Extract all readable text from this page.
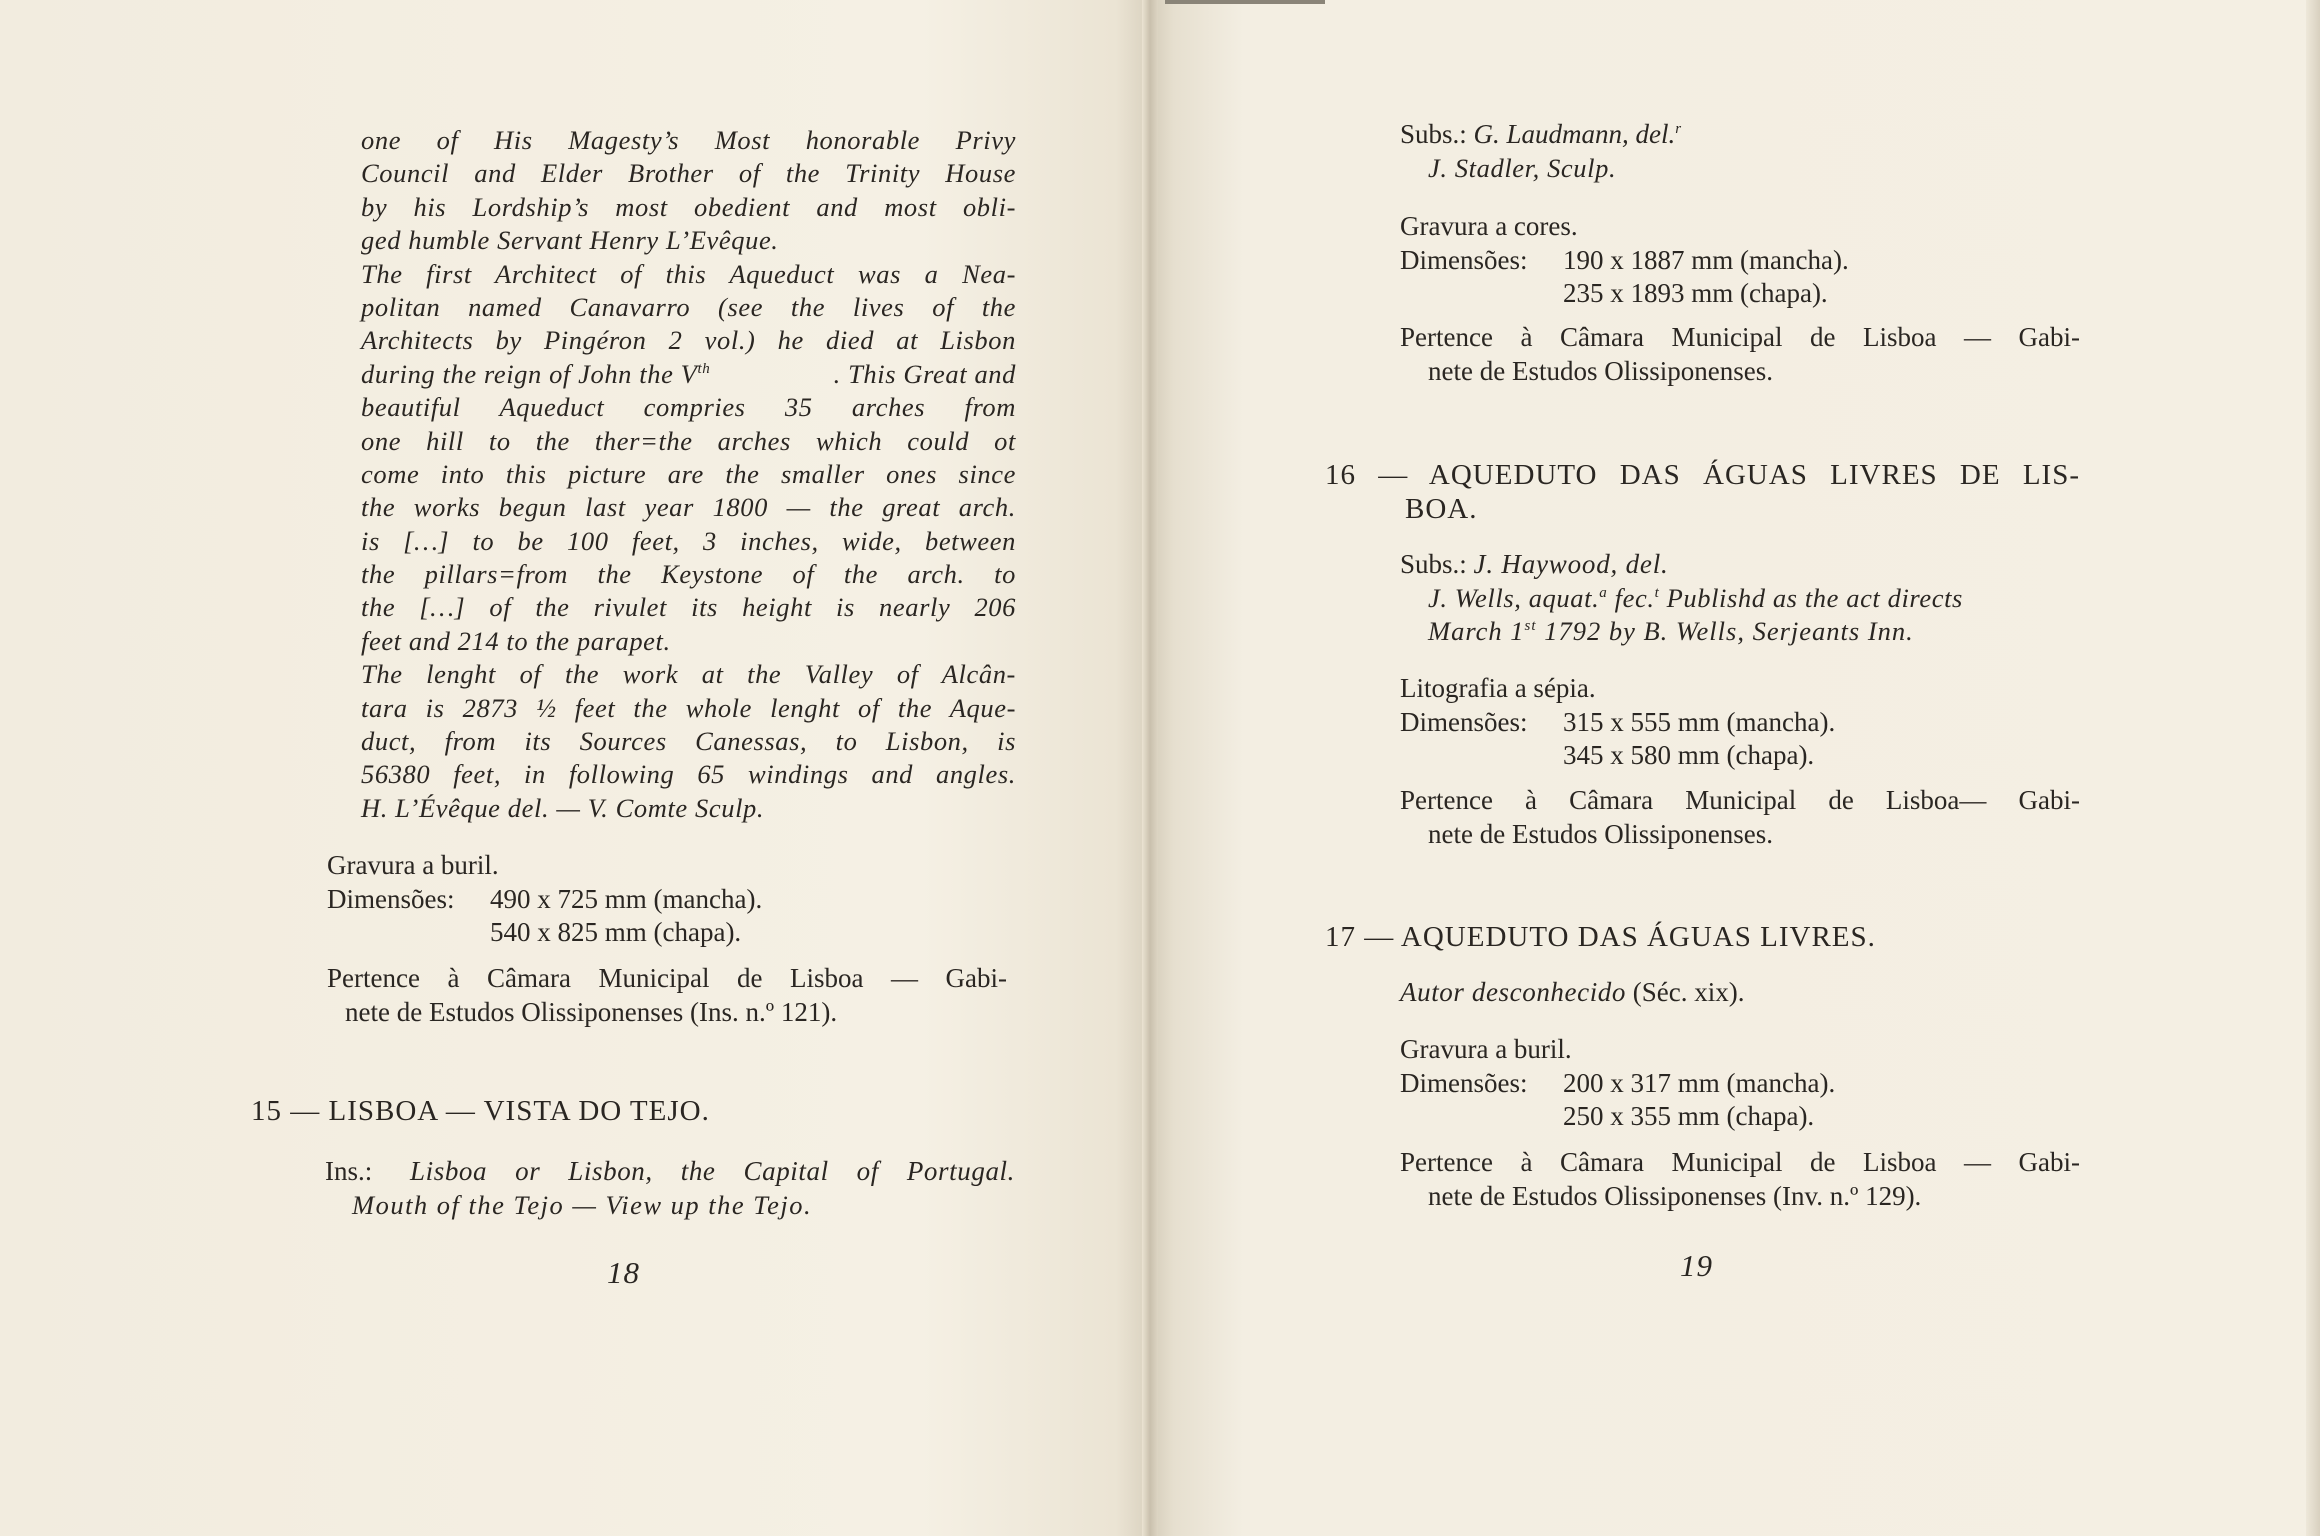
one of His Magesty’s Most honorable Privy
Council and Elder Brother of the Trinity House
by his Lordship’s most obedient and most obli-
ged humble Servant Henry L’Evêque.
The first Architect of this Aqueduct was a Nea-
politan named Canavarro (see the lives of the
Architects by Pingéron 2 vol.) he died at Lisbon
during the reign of John the Vth	. This Great and
beautiful Aqueduct compries 35 arches from
one hill to the ther=the arches which could ot
come into this picture are the smaller ones since
the works begun last year 1800 — the great arch.
is […] to be 100 feet, 3 inches, wide, between
the pillars=from the Keystone of the arch. to
the […] of the rivulet its height is nearly 206
feet and 214 to the parapet.
The lenght of the work at the Valley of Alcân-
tara is 2873 ½ feet the whole lenght of the Aque-
duct, from its Sources Canessas, to Lisbon, is
56380 feet, in following 65 windings and angles.
H. L’Évêque del. — V. Comte Sculp.
Gravura a buril.
Dimensões:	490 x 725 mm (mancha).
540 x 825 mm (chapa).
Pertence à Câmara Municipal de Lisboa — Gabi-
nete de Estudos Olissiponenses (Ins. n.º 121).
15 — LISBOA — VISTA DO TEJO.
Ins.: Lisboa or Lisbon, the Capital of Portugal.
Mouth of the Tejo — View up the Tejo.
18
Subs.: G. Laudmann, del.$^r$
J. Stadler, Sculp.
Gravura a cores.
Dimensões:	190 x 1887 mm (mancha).
235 x 1893 mm (chapa).
Pertence à Câmara Municipal de Lisboa — Gabi-
nete de Estudos Olissiponenses.
16 — AQUEDUTO DAS ÁGUAS LIVRES DE LIS-
BOA.
Subs.: J. Haywood, del.
J. Wells, aquat.$^a$ fec.$^t$ Publishd as the act directs
March 1st 1792 by B. Wells, Serjeants Inn.
Litografia a sépia.
Dimensões:	315 x 555 mm (mancha).
345 x 580 mm (chapa).
Pertence à Câmara Municipal de Lisboa— Gabi-
nete de Estudos Olissiponenses.
17 — AQUEDUTO DAS ÁGUAS LIVRES.
Autor desconhecido (Séc. xix).
Gravura a buril.
Dimensões:	200 x 317 mm (mancha).
250 x 355 mm (chapa).
Pertence à Câmara Municipal de Lisboa — Gabi-
nete de Estudos Olissiponenses (Inv. n.º 129).
19
